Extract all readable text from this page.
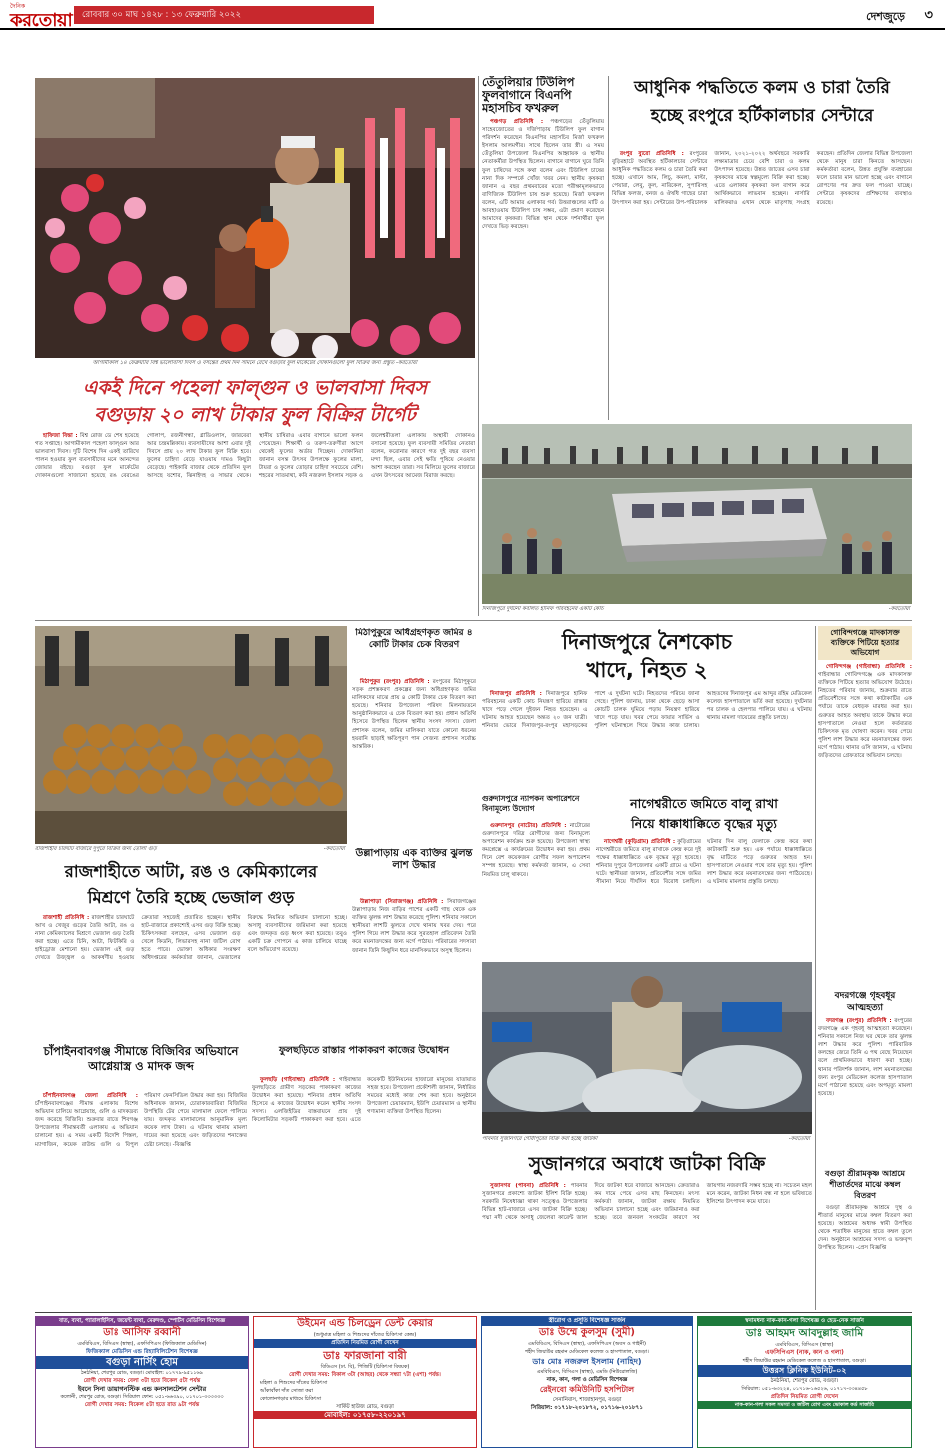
দৈনিক
করতোয়া	রোববার ৩০ মাঘ ১৪২৮ : ১৩ ফেব্রুয়ারি ২০২২	দেশজুড়ে ৩
আগামীকাল ১৪ ফেব্রুয়ারি বিশ্ব ভালোবাসা দিবস ও বসন্তের প্রথম দিন সামনে রেখে বগুড়ার ফুল মার্কেটের দোকানগুলো ফুল বিক্রির জন্য প্রস্তুত -করতোয়া
একই দিনে পহেলা ফাল্গুন ও ভালবাসা দিবস
বগুড়ায় ২০ লাখ টাকার ফুল বিক্রির টার্গেট

হাফিজা বিন্তা : বিশ্ব রোজ ডে শেষ হয়েছে গত সপ্তাহে। আগামীকাল পহেলা ফাল্গুন আর ভালবাসা দিবস। দুটি বিশেষ দিন একই তারিখে পালন হওয়ার ফুল ব্যবসায়ীদের মনে আনন্দের জোয়ার বইছে। বগুড়া ফুল মার্কেটের দোকানগুলো সাজানো হয়েছে রঙ বেরঙের গোলাপ, রজনীগন্ধা, গ্লাডিওলাস, জারবেরা আর চন্দ্রমল্লিকায়। ব্যবসায়ীদের আশা এবার দুই দিবসে প্রায় ২০ লাখ টাকার ফুল বিক্রি হবে। ফুলের চাহিদা বেড়ে যাওয়ায় দামও কিছুটা বেড়েছে। পাইকারি বাজার থেকে প্রতিদিন ফুল আসছে যশোর, ঝিনাইদহ ও সাভার থেকে। স্থানীয় চাষিরাও এবার বাগানে ভালো ফলন পেয়েছেন। শিক্ষার্থী ও তরুণ-তরুণীরা আগে থেকেই ফুলের অর্ডার দিচ্ছেন। দোকানিরা জানান বসন্ত উৎসব উপলক্ষে ফুলের মালা, টায়রা ও ফুলের তোড়ার চাহিদা সবচেয়ে বেশি। শহরের সাতমাথা, কবি নজরুল ইসলাম সড়ক ও জলেশ্বরীতলা এলাকায় অস্থায়ী দোকানও বসানো হয়েছে। ফুল ব্যবসায়ী সমিতির নেতারা বলেন, করোনার কারণে গত দুই বছর ব্যবসা মন্দা ছিল, এবার সেই ক্ষতি পুষিয়ে নেওয়ার আশা করছেন তারা। সব মিলিয়ে ফুলের বাজারে এখন উৎসবের আমেজ বিরাজ করছে।

তেঁতুলিয়ার টিউলিপ ফুলবাগানে বিএনপি মহাসচিব ফখরুল

পঞ্চগড় প্রতিনিধি : পঞ্চগড়ের তেঁতুলিয়ায় সাহেবজোতের ও দর্জিপাড়ায় টিউলিপ ফুল বাগান পরিদর্শন করেছেন বিএনপির মহাসচিব মির্জা ফখরুল ইসলাম আলমগীর। সাথে ছিলেন তার স্ত্রী। এ সময় তেঁতুলিয়া উপজেলা বিএনপির আহ্বায়ক ও স্থানীয় নেতাকর্মীরা উপস্থিত ছিলেন। বাগানে বাগানে ঘুরে তিনি ফুল চাষিদের সঙ্গে কথা বলেন এবং টিউলিপ চাষের নানা দিক সম্পর্কে খোঁজ খবর নেন। স্থানীয় কৃষকরা জানান এ বছর প্রথমবারের মতো পরীক্ষামূলকভাবে বাণিজ্যিক টিউলিপ চাষ শুরু হয়েছে। মির্জা ফখরুল বলেন, এটি আমার এলাকার গর্ব। উত্তরাঞ্চলের মাটি ও আবহাওয়ায় টিউলিপ চাষ সম্ভব, এটা প্রমাণ করেছেন আমাদের কৃষকরা। বিভিন্ন স্থান থেকে দর্শনার্থীরা ফুল দেখতে ভিড় করছেন।

আধুনিক পদ্ধতিতে কলম ও চারা তৈরি
হচ্ছে রংপুরে হর্টিকালচার সেন্টারে

রংপুর ব্যুরো প্রতিনিধি : রংপুরের বুড়িরহাটে অবস্থিত হর্টিকালচার সেন্টারে আধুনিক পদ্ধতিতে কলম ও চারা তৈরি করা হচ্ছে। এখানে আম, লিচু, কমলা, মাল্টা, পেয়ারা, লেবু, কুল, নারিকেল, সুপারিসহ বিভিন্ন ফলজ, বনজ ও ঔষধি গাছের চারা উৎপাদন করা হয়। সেন্টারের উপ-পরিচালক জানান, ২০২১-২০২২ অর্থবছরে সরকারি লক্ষ্যমাত্রার চেয়ে বেশি চারা ও কলম উৎপাদন হয়েছে। উন্নত জাতের এসব চারা কৃষকদের মাঝে স্বল্পমূল্যে বিক্রি করা হচ্ছে। এতে এলাকার কৃষকরা ফল বাগান করে আর্থিকভাবে লাভবান হচ্ছেন। নার্সারি মালিকরাও এখান থেকে মাতৃগাছ সংগ্রহ করছেন। প্রতিদিন জেলার বিভিন্ন উপজেলা থেকে মানুষ চারা কিনতে আসছেন। কর্মকর্তারা বলেন, উন্নত প্রযুক্তি ব্যবহারের ফলে চারার মান ভালো হচ্ছে এবং বাগানে রোপণের পর দ্রুত ফল পাওয়া যাচ্ছে। সেন্টারে কৃষকদের প্রশিক্ষণের ব্যবস্থাও রয়েছে।

দিনাজপুরে দুর্ঘটনা কবলিত হানিফ পরিবহনের একটি কোচ	-করতোয়া
রাজশাহীর চারঘাট বাজারে দুপুরে বিক্রির জন্য তোলা গুড়	-করতোয়া
মিঠাপুকুরে অধিগ্রহণকৃত জমির ৪ কোটি টাকার চেক বিতরণ

মিঠাপুকুর (রংপুর) প্রতিনিধি : রংপুরের মিঠাপুকুরে সড়ক প্রশস্তকরণ প্রকল্পের জন্য অধিগ্রহণকৃত জমির মালিকদের মাঝে প্রায় ৪ কোটি টাকার চেক বিতরণ করা হয়েছে। শনিবার উপজেলা পরিষদ মিলনায়তনে আনুষ্ঠানিকভাবে এ চেক বিতরণ করা হয়। প্রধান অতিথি হিসেবে উপস্থিত ছিলেন স্থানীয় সংসদ সদস্য। জেলা প্রশাসক বলেন, জমির মালিকরা যাতে কোনো ধরনের হয়রানি ছাড়াই ক্ষতিপূরণ পান সেজন্য প্রশাসন সর্বোচ্চ আন্তরিক।

দিনাজপুরে নৈশকোচ
খাদে, নিহত ২

দিনাজপুর প্রতিনিধি : দিনাজপুরে হানিফ পরিবহনের একটি কোচ নিয়ন্ত্রণ হারিয়ে রাস্তার খাদে পড়ে গেলে দুইজন নিহত হয়েছেন। এ ঘটনায় আহত হয়েছেন অন্তত ২০ জন যাত্রী। শনিবার ভোরে দিনাজপুর-রংপুর মহাসড়কের পাশে এ দুর্ঘটনা ঘটে। নিহতদের পরিচয় জানা গেছে। পুলিশ জানায়, ঢাকা থেকে ছেড়ে আসা কোচটি চালক ঘুমিয়ে পড়ায় নিয়ন্ত্রণ হারিয়ে খাদে পড়ে যায়। খবর পেয়ে ফায়ার সার্ভিস ও পুলিশ ঘটনাস্থলে গিয়ে উদ্ধার কাজ চালায়। আহতদের দিনাজপুর এম আব্দুর রহিম মেডিকেল কলেজ হাসপাতালে ভর্তি করা হয়েছে। দুর্ঘটনার পর চালক ও হেলপার পালিয়ে যায়। এ ঘটনায় থানায় মামলা দায়েরের প্রস্তুতি চলছে।

গোবিন্দগঞ্জে মাদকাসক্ত ব্যক্তিকে পিটিয়ে হত্যার অভিযোগ

গোবিন্দগঞ্জ (গাইবান্ধা) প্রতিনিধি : গাইবান্ধার গোবিন্দগঞ্জে এক মাদকাসক্ত ব্যক্তিকে পিটিয়ে হত্যার অভিযোগ উঠেছে। নিহতের পরিবার জানায়, শুক্রবার রাতে প্রতিবেশীদের সঙ্গে কথা কাটাকাটির এক পর্যায়ে তাকে বেধড়ক মারধর করা হয়। গুরুতর আহত অবস্থায় তাকে উদ্ধার করে হাসপাতালে নেওয়া হলে কর্তব্যরত চিকিৎসক মৃত ঘোষণা করেন। খবর পেয়ে পুলিশ লাশ উদ্ধার করে ময়নাতদন্তের জন্য মর্গে পাঠায়। থানার ওসি জানান, এ ঘটনায় জড়িতদের গ্রেফতারে অভিযান চলছে।

বদরগঞ্জে গৃহবধূর আত্মহত্যা

বদরগঞ্জ (রংপুর) প্রতিনিধি : রংপুরের বদরগঞ্জে এক গৃহবধূ আত্মহত্যা করেছেন। শনিবার সকালে নিজ ঘর থেকে তার ঝুলন্ত লাশ উদ্ধার করে পুলিশ। পারিবারিক কলহের জেরে তিনি এ পথ বেছে নিয়েছেন বলে প্রাথমিকভাবে ধারণা করা হচ্ছে। থানার পরিদর্শক জানান, লাশ ময়নাতদন্তের জন্য রংপুর মেডিকেল কলেজ হাসপাতাল মর্গে পাঠানো হয়েছে এবং অপমৃত্যু মামলা হয়েছে।

বগুড়া শ্রীরামকৃষ্ণ আশ্রমে শীতার্তদের মাঝে কম্বল বিতরণ

বগুড়া শ্রীরামকৃষ্ণ আশ্রমে দুস্থ ও শীতার্ত মানুষের মাঝে কম্বল বিতরণ করা হয়েছে। আশ্রমের অধ্যক্ষ স্বামী উপস্থিত থেকে শতাধিক মানুষের হাতে কম্বল তুলে দেন। অনুষ্ঠানে আশ্রমের সদস্য ও ভক্তবৃন্দ উপস্থিত ছিলেন। -প্রেস বিজ্ঞপ্তি

গুরুদাসপুরে ন্যাপকন অপারেশনে বিনামূল্যে উদ্যোগ

গুরুদাসপুর (নাটোর) প্রতিনিধি : নাটোরের গুরুদাসপুরে দরিদ্র রোগীদের জন্য বিনামূল্যে অপারেশন কার্যক্রম শুরু হয়েছে। উপজেলা স্বাস্থ্য কমপ্লেক্সে এ কার্যক্রমের উদ্বোধন করা হয়। প্রথম দিনে বেশ কয়েকজন রোগীর সফল অপারেশন সম্পন্ন হয়েছে। স্বাস্থ্য কর্মকর্তা জানান, এ সেবা নিয়মিত চালু থাকবে।

নাগেশ্বরীতে জমিতে বালু রাখা
নিয়ে ধাক্কাধাক্কিতে বৃদ্ধের মৃত্যু

নাগেশ্বরী (কুড়িগ্রাম) প্রতিনিধি : কুড়িগ্রামের নাগেশ্বরীতে জমিতে বালু রাখাকে কেন্দ্র করে দুই পক্ষের ধাক্কাধাক্কিতে এক বৃদ্ধের মৃত্যু হয়েছে। শনিবার দুপুরে উপজেলার একটি গ্রামে এ ঘটনা ঘটে। স্থানীয়রা জানান, প্রতিবেশীর সঙ্গে জমির সীমানা নিয়ে দীর্ঘদিন ধরে বিরোধ চলছিল। ঘটনার দিন বালু ফেলাকে কেন্দ্র করে কথা কাটাকাটি শুরু হয়। এক পর্যায়ে ধাক্কাধাক্কিতে বৃদ্ধ মাটিতে পড়ে গুরুতর আহত হন। হাসপাতালে নেওয়ার পথে তার মৃত্যু হয়। পুলিশ লাশ উদ্ধার করে ময়নাতদন্তের জন্য পাঠিয়েছে। এ ঘটনায় মামলার প্রস্তুতি চলছে।

রাজশাহীতে আটা, রঙ ও কেমিক্যালের
মিশ্রণে তৈরি হচ্ছে ভেজাল গুড়

রাজশাহী প্রতিনিধি : রাজশাহীর চারঘাটে আখ ও খেজুর গুড়ের তৈরি আটা, রঙ ও নানা কেমিক্যালের মিশ্রণে ভেজাল গুড় তৈরি করা হচ্ছে। এতে চিনি, আটা, ফিটকিরি ও হাইড্রোজ মেশানো হয়। ভেজাল এই গুড় দেখতে উজ্জ্বল ও আকর্ষণীয় হওয়ায় ক্রেতারা সহজেই প্রতারিত হচ্ছেন। স্থানীয় হাট-বাজারে প্রকাশ্যেই এসব গুড় বিক্রি হচ্ছে। চিকিৎসকরা বলছেন, এসব ভেজাল গুড় খেলে কিডনি, লিভারসহ নানা জটিল রোগ হতে পারে। ভোক্তা অধিকার সংরক্ষণ অধিদপ্তরের কর্মকর্তারা জানান, ভেজালের বিরুদ্ধে নিয়মিত অভিযান চালানো হচ্ছে। অসাধু ব্যবসায়ীদের জরিমানা করা হয়েছে এবং জব্দকৃত গুড় ধ্বংস করা হয়েছে। তবুও একটি চক্র গোপনে এ কাজ চালিয়ে যাচ্ছে বলে অভিযোগ রয়েছে।

উল্লাপাড়ায় এক ব্যক্তির ঝুলন্ত লাশ উদ্ধার

উল্লাপাড়া (সিরাজগঞ্জ) প্রতিনিধি : সিরাজগঞ্জের উল্লাপাড়ায় নিজ বাড়ির পাশের একটি গাছ থেকে এক ব্যক্তির ঝুলন্ত লাশ উদ্ধার করেছে পুলিশ। শনিবার সকালে স্থানীয়রা লাশটি ঝুলতে দেখে থানায় খবর দেয়। পরে পুলিশ গিয়ে লাশ উদ্ধার করে সুরতহাল প্রতিবেদন তৈরি করে ময়নাতদন্তের জন্য মর্গে পাঠায়। পরিবারের সদস্যরা জানান তিনি কিছুদিন ধরে মানসিকভাবে অসুস্থ ছিলেন।

পাবনার সুজানগরে গৌরীপুরের বিক্রি করা হচ্ছে জাটকা	-করতোয়া
চাঁপাইনবাবগঞ্জ সীমান্তে বিজিবির অভিযানে আগ্নেয়াস্ত্র ও মাদক জব্দ

চাঁপাইনবাবগঞ্জ জেলা প্রতিনিধি : চাঁপাইনবাবগঞ্জের সীমান্ত এলাকায় বিশেষ অভিযান চালিয়ে আগ্নেয়াস্ত্র, গুলি ও মাদকদ্রব্য জব্দ করেছে বিজিবি। শুক্রবার রাতে শিবগঞ্জ উপজেলার সীমান্তবর্তী এলাকায় এ অভিযান চালানো হয়। এ সময় একটি বিদেশি পিস্তল, ম্যাগাজিন, কয়েক রাউন্ড গুলি ও বিপুল পরিমাণ ফেনসিডিল উদ্ধার করা হয়। বিজিবির অধিনায়ক জানান, চোরাকারবারিরা বিজিবির উপস্থিতি টের পেয়ে মালামাল ফেলে পালিয়ে যায়। জব্দকৃত মালামালের আনুমানিক মূল্য কয়েক লাখ টাকা। এ ঘটনায় থানায় মামলা দায়ের করা হয়েছে এবং জড়িতদের শনাক্তের চেষ্টা চলছে। -বিজ্ঞপ্তি

ফুলছড়িতে রাস্তার পাকাকরণ কাজের উদ্বোধন

ফুলছড়ি (গাইবান্ধা) প্রতিনিধি : গাইবান্ধার ফুলছড়িতে গ্রামীণ সড়কের পাকাকরণ কাজের উদ্বোধন করা হয়েছে। শনিবার প্রধান অতিথি হিসেবে এ কাজের উদ্বোধন করেন স্থানীয় সংসদ সদস্য। এলজিইডির বাস্তবায়নে প্রায় দুই কিলোমিটার সড়কটি পাকাকরণ করা হবে। এতে কয়েকটি ইউনিয়নের হাজারো মানুষের যাতায়াত সহজ হবে। উপজেলা প্রকৌশলী জানান, নির্ধারিত সময়ের মধ্যেই কাজ শেষ করা হবে। অনুষ্ঠানে উপজেলা চেয়ারম্যান, ইউপি চেয়ারম্যান ও স্থানীয় গণ্যমান্য ব্যক্তিরা উপস্থিত ছিলেন।

সুজানগরে অবাধে জাটকা বিক্রি

সুজানগর (পাবনা) প্রতিনিধি : পাবনার সুজানগরে প্রকাশ্যে জাটকা ইলিশ বিক্রি হচ্ছে। সরকারি নিষেধাজ্ঞা থাকা সত্ত্বেও উপজেলার বিভিন্ন হাট-বাজারে এসব জাটকা বিক্রি হচ্ছে। পদ্মা নদী থেকে অসাধু জেলেরা কারেন্ট জাল দিয়ে জাটকা ধরে বাজারে আনছেন। ক্রেতারাও কম দামে পেয়ে এসব মাছ কিনছেন। মৎস্য কর্মকর্তা জানান, জাটকা রক্ষায় নিয়মিত অভিযান চালানো হচ্ছে এবং জরিমানাও করা হচ্ছে। তবে জনবল সংকটের কারণে সব জায়গায় নজরদারি সম্ভব হচ্ছে না। সচেতন মহল মনে করেন, জাটকা নিধন বন্ধ না হলে ভবিষ্যতে ইলিশের উৎপাদন কমে যাবে।

বাত, ব্যথা, প্যারালাইসিস, জয়েন্ট ব্যথা, মেরুদণ্ড, স্পোর্টস মেডিসিন বিশেষজ্ঞ
ডাঃ আসিফ রব্বানী
এমবিবিএস, বিসিএস (স্বাস্থ্য), এফসিপিএস (ফিজিক্যাল মেডিসিন)
ফিজিক্যাল মেডিসিন এন্ড রিহ্যাবিলিটেশন বিশেষজ্ঞ
বগুড়া নার্সিং হোম
ঠনঠনিয়া, শেরপুর রোড, বগুড়া। মোবাইল: ০১৭৭৯-৯৫১১৬৯
রোগী দেখার সময়: বেলা ৩টা হতে বিকেল ৫টা পর্যন্ত
ইবনে সিনা ডায়াগনস্টিক এন্ড কনসালটেশন সেন্টার
কলোনী, শেরপুর রোড, বগুড়া। সিরিয়াল ফোন: ০৫১-৬৬৩৯০, ০১৭০১-৩৩৩৩৩৩
রোগী দেখার সময়: বিকেল ৫টা হতে রাত ৯টা পর্যন্ত
উইমেন এন্ড চিলড্রেন ডেন্ট কেয়ার
(শুধুমাত্র মহিলা ও শিশুদের দাঁতের চিকিৎসা কেন্দ্র)
প্রতিদিন নিয়মিত রোগী দেখেন
ডাঃ ফারজানা বারী
বিডিএস (ঢা. বি), পিজিটি (চিকিৎসা বিষয়ক)
রোগী দেখার সময়: বিকাল ৩টা (আছর) থেকে সন্ধ্যা ৭টা (এশা) পর্যন্ত।
মহিলা ও শিশুদের দাঁতের চিকিৎসা
আঁকাবাঁকা দাঁত সোজা করা
কোলোনগড়ার মাধ্যমে চিকিৎসা
সার্কিট হাউজ রোড, বগুড়া
মোবাইল: ০১৭৫৮-২২০১৯৭
স্ত্রীরোগ ও প্রসূতি বিশেষজ্ঞ সার্জন
ডাঃ উম্মে কুলসুম (সুমী)
এমবিবিএস, বিসিএস (স্বাস্থ্য), এফসিপিএস (অবস ও গাইনী)
শহীদ জিয়াউর রহমান মেডিকেল কলেজ ও হাসপাতাল, বগুড়া।
ডাঃ মোঃ নজরুল ইসলাম (নাহিদ)
এমবিবিএস, বিসিএস (স্বাস্থ্য), এমডি (নিউরোলজি)
নাক, কান, গলা ও মেডিসিন বিশেষজ্ঞ
রেইনবো কমিউনিটি হসপিটাল
সেনানিবাস, শাজাহানপুর, বগুড়া
সিরিয়াল: ০১৭১৮-২০১৮৭২, ০১৭১৬-২০১৮৭১
স্বনামধন্য নাক-কান-গলা বিশেষজ্ঞ ও হেড-নেক সার্জন
ডাঃ আহমদ আবদুল্লাহ জামি
এমবিবিএস, বিসিএস (স্বাস্থ্য)
এফসিপিএস (নাক, কান ও গলা)
শহীদ জিয়াউর রহমান মেডিকেল কলেজ ও হাসপাতাল, বগুড়া।
উত্তরস ক্লিনিক ইউনিট-০২
ঠনঠনিয়া, শেরপুর রোড, বগুড়া।
সিরিয়াল: ০৫১-৬৩২২৪, ০১৭১৬-১৬৫২৬, ০১৭১৭-৩৩৪৪৫৮
প্রতিদিন নিয়মিত রোগী দেখেন
নাক-কান-গলা সকল সমস্যা ও জটিল রোগ এবং ভোকাল কর্ড সার্জারি
